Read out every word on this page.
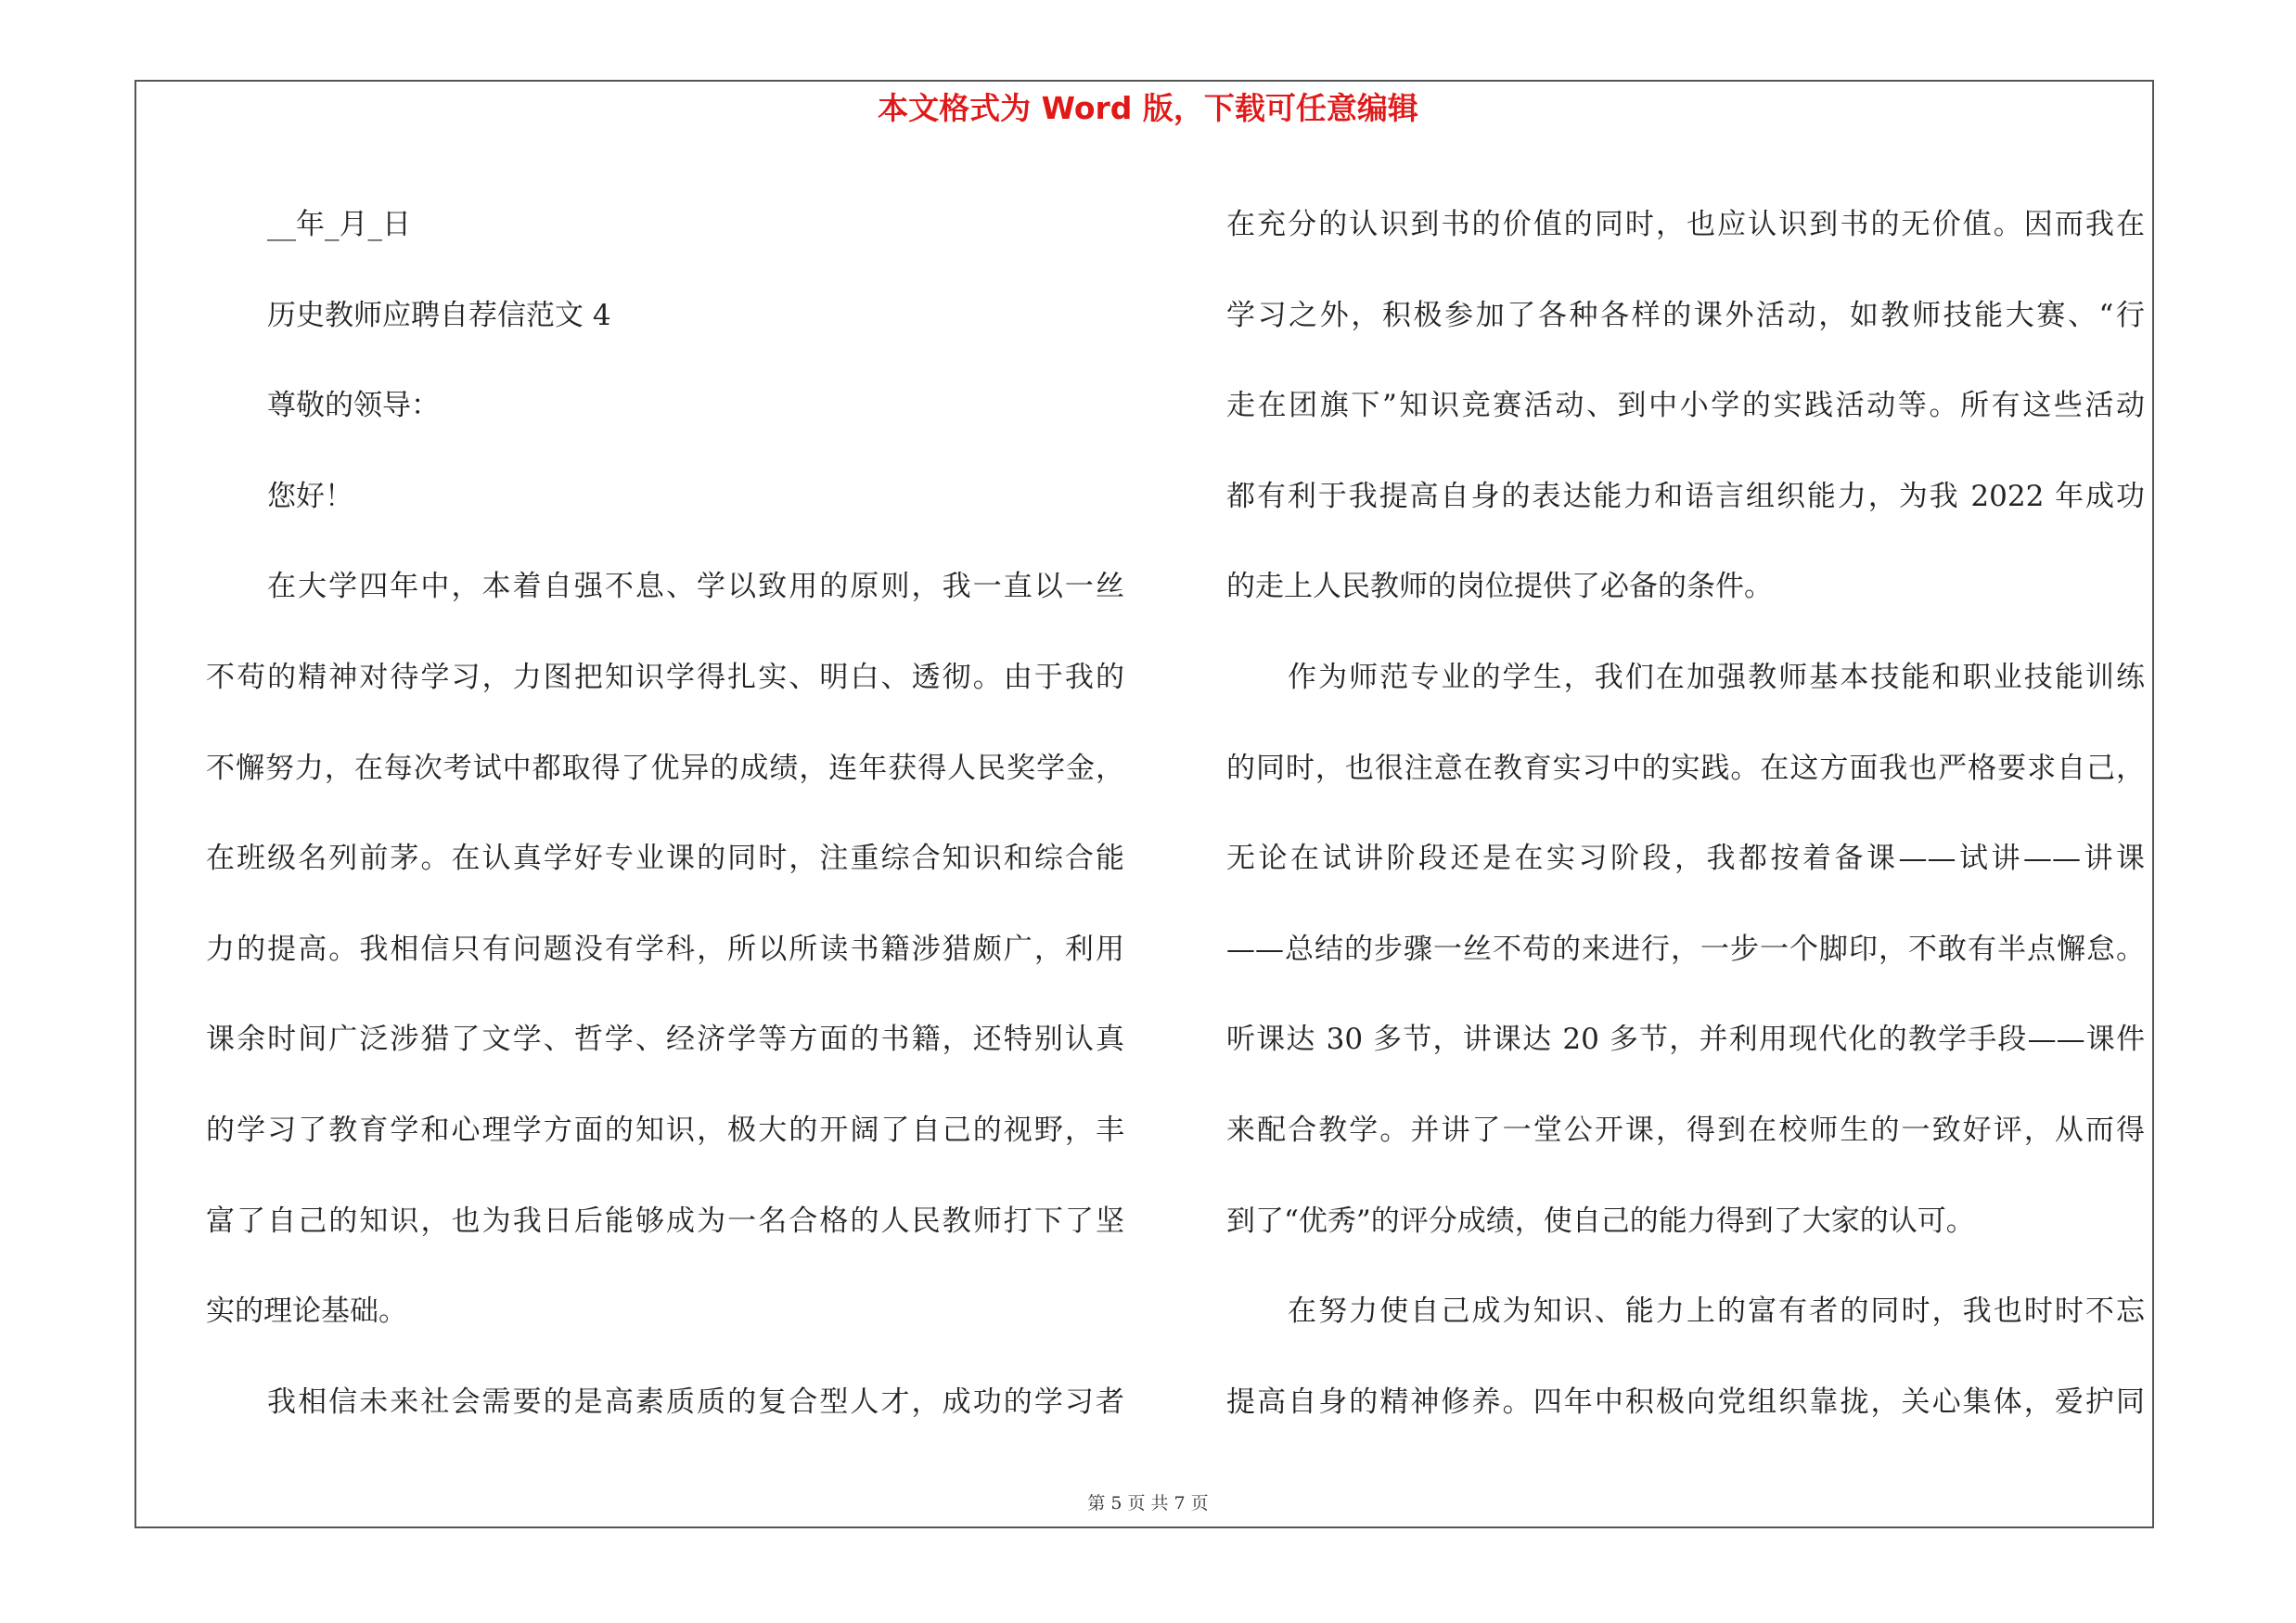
本文格式为 Word 版，下载可任意编辑
__年_月_日
历史教师应聘自荐信范文 4
尊敬的领导：
您好！
在大学四年中，本着自强不息、学以致用的原则，我一直以一丝
不苟的精神对待学习，力图把知识学得扎实、明白、透彻。由于我的
不懈努力，在每次考试中都取得了优异的成绩，连年获得人民奖学金，
在班级名列前茅。在认真学好专业课的同时，注重综合知识和综合能
力的提高。我相信只有问题没有学科，所以所读书籍涉猎颇广，利用
课余时间广泛涉猎了文学、哲学、经济学等方面的书籍，还特别认真
的学习了教育学和心理学方面的知识，极大的开阔了自己的视野，丰
富了自己的知识，也为我日后能够成为一名合格的人民教师打下了坚
实的理论基础。
我相信未来社会需要的是高素质质的复合型人才，成功的学习者
在充分的认识到书的价值的同时，也应认识到书的无价值。因而我在
学习之外，积极参加了各种各样的课外活动，如教师技能大赛、“行
走在团旗下”知识竞赛活动、到中小学的实践活动等。所有这些活动
都有利于我提高自身的表达能力和语言组织能力，为我 2022 年成功
的走上人民教师的岗位提供了必备的条件。
作为师范专业的学生，我们在加强教师基本技能和职业技能训练
的同时，也很注意在教育实习中的实践。在这方面我也严格要求自己，
无论在试讲阶段还是在实习阶段，我都按着备课——试讲——讲课
——总结的步骤一丝不苟的来进行，一步一个脚印，不敢有半点懈怠。
听课达 30 多节，讲课达 20 多节，并利用现代化的教学手段——课件
来配合教学。并讲了一堂公开课，得到在校师生的一致好评，从而得
到了“优秀”的评分成绩，使自己的能力得到了大家的认可。
在努力使自己成为知识、能力上的富有者的同时，我也时时不忘
提高自身的精神修养。四年中积极向党组织靠拢，关心集体，爱护同
第 5 页 共 7 页
